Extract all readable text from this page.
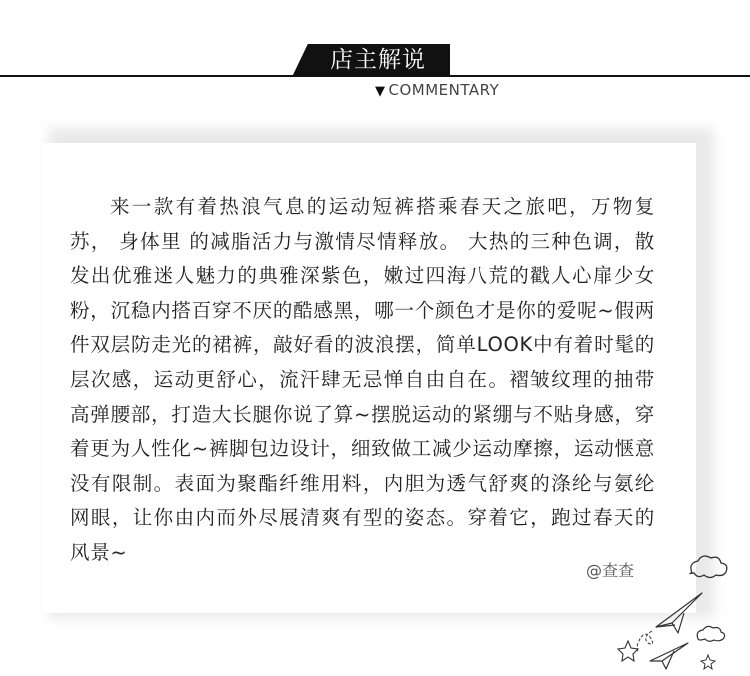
店主解说
▼ COMMENTARY

来一款有着热浪气息的运动短裤搭乘春天之旅吧，万物复苏， 身体里 的减脂活力与激情尽情释放。 大热的三种色调，散发出优雅迷人魅力的典雅深紫色，嫩过四海八荒的戳人心扉少女粉，沉稳内搭百穿不厌的酷感黑，哪一个颜色才是你的爱呢~假两件双层防走光的裙裤，敲好看的波浪摆，简单LOOK中有着时髦的层次感，运动更舒心，流汗肆无忌惮自由自在。褶皱纹理的抽带高弹腰部，打造大长腿你说了算~摆脱运动的紧绷与不贴身感，穿着更为人性化~裤脚包边设计，细致做工减少运动摩擦，运动惬意没有限制。表面为聚酯纤维用料，内胆为透气舒爽的涤纶与氨纶网眼，让你由内而外尽展清爽有型的姿态。穿着它，跑过春天的风景~

@查查
